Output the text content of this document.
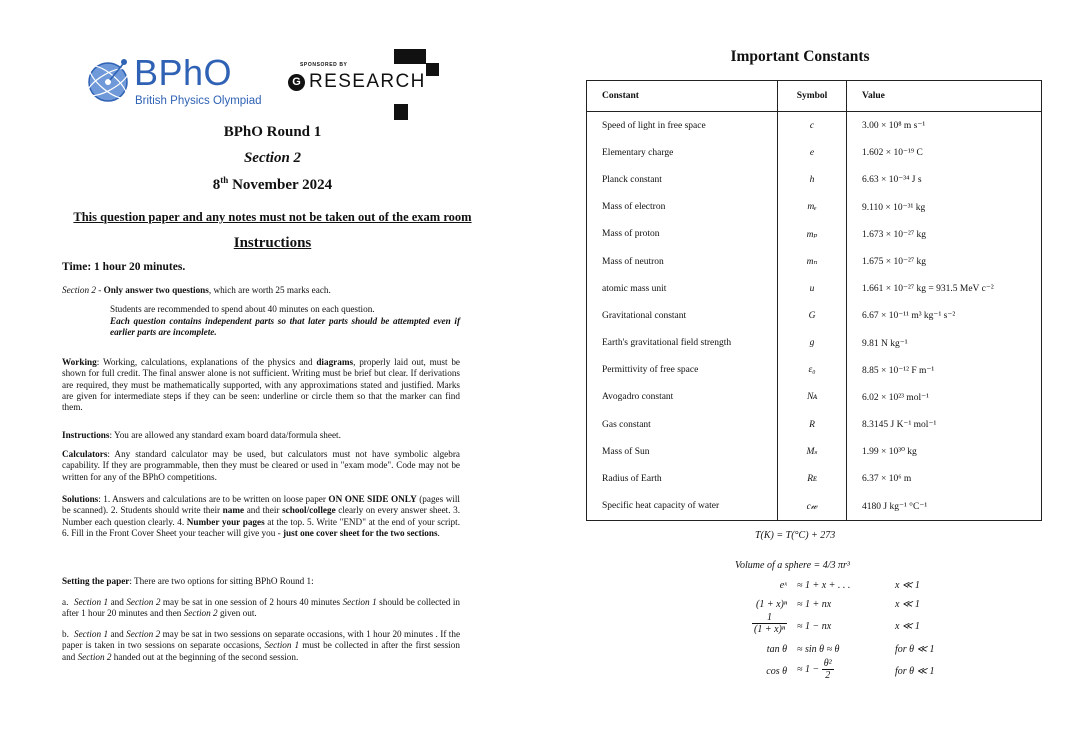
BPhO
British Physics Olympiad
SPONSORED BY
G RESEARCH
BPhO Round 1
Section 2
8th November 2024
This question paper and any notes must not be taken out of the exam room
Instructions
Time: 1 hour 20 minutes.
Section 2 - Only answer two questions, which are worth 25 marks each.
Students are recommended to spend about 40 minutes on each question.
Each question contains independent parts so that later parts should be attempted even if earlier parts are incomplete.
Working: Working, calculations, explanations of the physics and diagrams, properly laid out, must be shown for full credit. The final answer alone is not sufficient. Writing must be brief but clear. If derivations are required, they must be mathematically supported, with any approximations stated and justified. Marks are given for intermediate steps if they can be seen: underline or circle them so that the marker can find them.
Instructions: You are allowed any standard exam board data/formula sheet.
Calculators: Any standard calculator may be used, but calculators must not have symbolic algebra capability. If they are programmable, then they must be cleared or used in "exam mode". Code may not be written for any of the BPhO competitions.
Solutions: 1. Answers and calculations are to be written on loose paper ON ONE SIDE ONLY (pages will be scanned). 2. Students should write their name and their school/college clearly on every answer sheet. 3. Number each question clearly. 4. Number your pages at the top. 5. Write "END" at the end of your script. 6. Fill in the Front Cover Sheet your teacher will give you - just one cover sheet for the two sections.
Setting the paper: There are two options for sitting BPhO Round 1:
a. Section 1 and Section 2 may be sat in one session of 2 hours 40 minutes Section 1 should be collected in after 1 hour 20 minutes and then Section 2 given out.
b. Section 1 and Section 2 may be sat in two sessions on separate occasions, with 1 hour 20 minutes . If the paper is taken in two sessions on separate occasions, Section 1 must be collected in after the first session and Section 2 handed out at the beginning of the second session.
Important Constants
Constant	Symbol	Value
Speed of light in free space	c	3.00 × 10⁸ m s⁻¹
Elementary charge	e	1.602 × 10⁻¹⁹ C
Planck constant	h	6.63 × 10⁻³⁴ J s
Mass of electron	mₑ	9.110 × 10⁻³¹ kg
Mass of proton	mₚ	1.673 × 10⁻²⁷ kg
Mass of neutron	mₙ	1.675 × 10⁻²⁷ kg
atomic mass unit	u	1.661 × 10⁻²⁷ kg = 931.5 MeV c⁻²
Gravitational constant	G	6.67 × 10⁻¹¹ m³ kg⁻¹ s⁻²
Earth's gravitational field strength	g	9.81 N kg⁻¹
Permittivity of free space	ε₀	8.85 × 10⁻¹² F m⁻¹
Avogadro constant	Nᴀ	6.02 × 10²³ mol⁻¹
Gas constant	R	8.3145 J K⁻¹ mol⁻¹
Mass of Sun	Mₛ	1.99 × 10³⁰ kg
Radius of Earth	Rᴇ	6.37 × 10⁶ m
Specific heat capacity of water	c𝓌	4180 J kg⁻¹ °C⁻¹
T(K) = T(°C) + 273
Volume of a sphere = 4/3 πr³
eˣ ≈ 1 + x + . . .	x ≪ 1
(1 + x)ⁿ ≈ 1 + nx	x ≪ 1
$\frac{1}{\text{(1 + x)ⁿ}} \approx 1$ − nx	x ≪ 1
tan θ ≈ sin θ ≈ θ	for θ ≪ 1
$\cos \theta \approx 1 - \frac{\text{θ²}}{2}$	for θ ≪ 1
